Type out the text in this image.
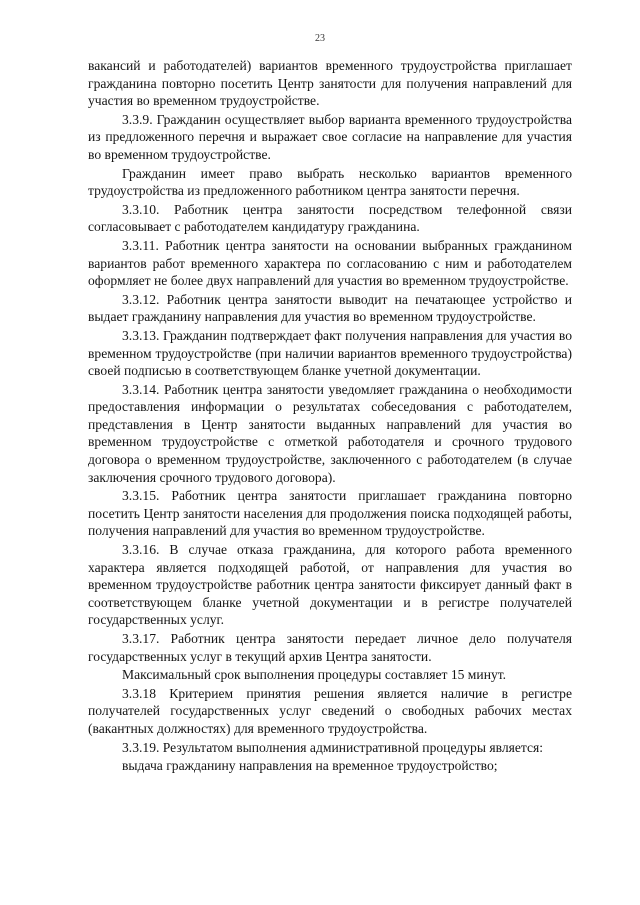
23

вакансий и работодателей) вариантов временного трудоустройства приглашает гражданина повторно посетить Центр занятости для получения направлений для участия во временном трудоустройстве.

3.3.9. Гражданин осуществляет выбор варианта временного трудоустройства из предложенного перечня и выражает свое согласие на направление для участия во временном трудоустройстве.

Гражданин имеет право выбрать несколько вариантов временного трудоустройства из предложенного работником центра занятости перечня.

3.3.10. Работник центра занятости посредством телефонной связи согласовывает с работодателем кандидатуру гражданина.

3.3.11. Работник центра занятости на основании выбранных гражданином вариантов работ временного характера по согласованию с ним и работодателем оформляет не более двух направлений для участия во временном трудоустройстве.

3.3.12. Работник центра занятости выводит на печатающее устройство и выдает гражданину направления для участия во временном трудоустройстве.

3.3.13. Гражданин подтверждает факт получения направления для участия во временном трудоустройстве (при наличии вариантов временного трудоустройства) своей подписью в соответствующем бланке учетной документации.

3.3.14. Работник центра занятости уведомляет гражданина о необходимости предоставления информации о результатах собеседования с работодателем, представления в Центр занятости выданных направлений для участия во временном трудоустройстве с отметкой работодателя и срочного трудового договора о временном трудоустройстве, заключенного с работодателем (в случае заключения срочного трудового договора).

3.3.15. Работник центра занятости приглашает гражданина повторно посетить Центр занятости населения для продолжения поиска подходящей работы, получения направлений для участия во временном трудоустройстве.

3.3.16. В случае отказа гражданина, для которого работа временного характера является подходящей работой, от направления для участия во временном трудоустройстве работник центра занятости фиксирует данный факт в соответствующем бланке учетной документации и в регистре получателей государственных услуг.

3.3.17. Работник центра занятости передает личное дело получателя государственных услуг в текущий архив Центра занятости.

Максимальный срок выполнения процедуры составляет 15 минут.

3.3.18 Критерием принятия решения является наличие в регистре получателей государственных услуг сведений о свободных рабочих местах (вакантных должностях) для временного трудоустройства.

3.3.19. Результатом выполнения административной процедуры является:

выдача гражданину направления на временное трудоустройство;
